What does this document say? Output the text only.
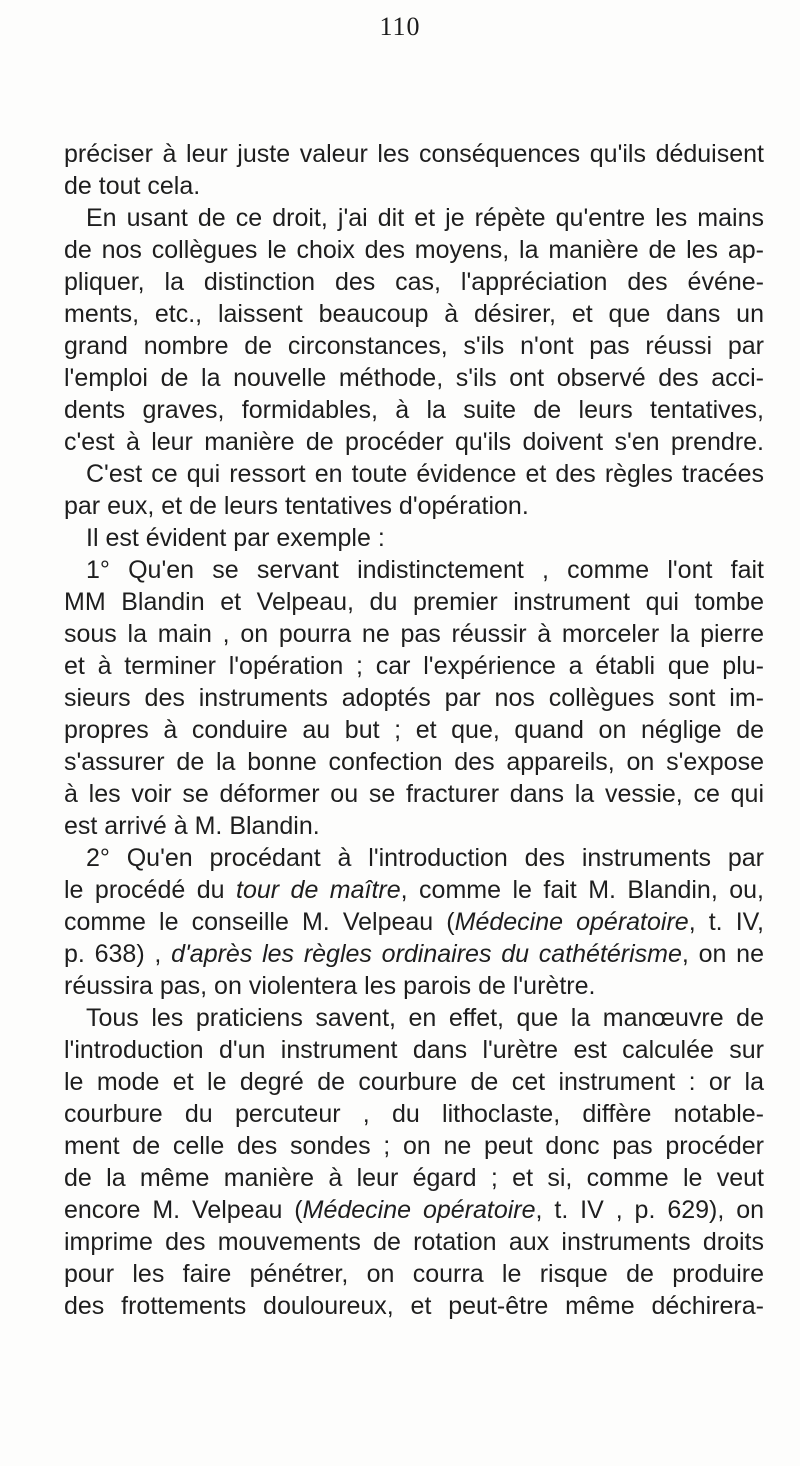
110
préciser à leur juste valeur les conséquences qu'ils déduisent
de tout cela.
En usant de ce droit, j'ai dit et je répète qu'entre les mains
de nos collègues le choix des moyens, la manière de les ap-
pliquer, la distinction des cas, l'appréciation des événe-
ments, etc., laissent beaucoup à désirer, et que dans un
grand nombre de circonstances, s'ils n'ont pas réussi par
l'emploi de la nouvelle méthode, s'ils ont observé des acci-
dents graves, formidables, à la suite de leurs tentatives,
c'est à leur manière de procéder qu'ils doivent s'en prendre.
C'est ce qui ressort en toute évidence et des règles tracées
par eux, et de leurs tentatives d'opération.
Il est évident par exemple :
1° Qu'en se servant indistinctement , comme l'ont fait
MM Blandin et Velpeau, du premier instrument qui tombe
sous la main , on pourra ne pas réussir à morceler la pierre
et à terminer l'opération ; car l'expérience a établi que plu-
sieurs des instruments adoptés par nos collègues sont im-
propres à conduire au but ; et que, quand on néglige de
s'assurer de la bonne confection des appareils, on s'expose
à les voir se déformer ou se fracturer dans la vessie, ce qui
est arrivé à M. Blandin.
2° Qu'en procédant à l'introduction des instruments par
le procédé du tour de maître, comme le fait M. Blandin, ou,
comme le conseille M. Velpeau (Médecine opératoire, t. IV,
p. 638) , d'après les règles ordinaires du cathétérisme, on ne
réussira pas, on violentera les parois de l'urètre.
Tous les praticiens savent, en effet, que la manœuvre de
l'introduction d'un instrument dans l'urètre est calculée sur
le mode et le degré de courbure de cet instrument : or la
courbure du percuteur , du lithoclaste, diffère notable-
ment de celle des sondes ; on ne peut donc pas procéder
de la même manière à leur égard ; et si, comme le veut
encore M. Velpeau (Médecine opératoire, t. IV , p. 629), on
imprime des mouvements de rotation aux instruments droits
pour les faire pénétrer, on courra le risque de produire
des frottements douloureux, et peut-être même déchirera-
